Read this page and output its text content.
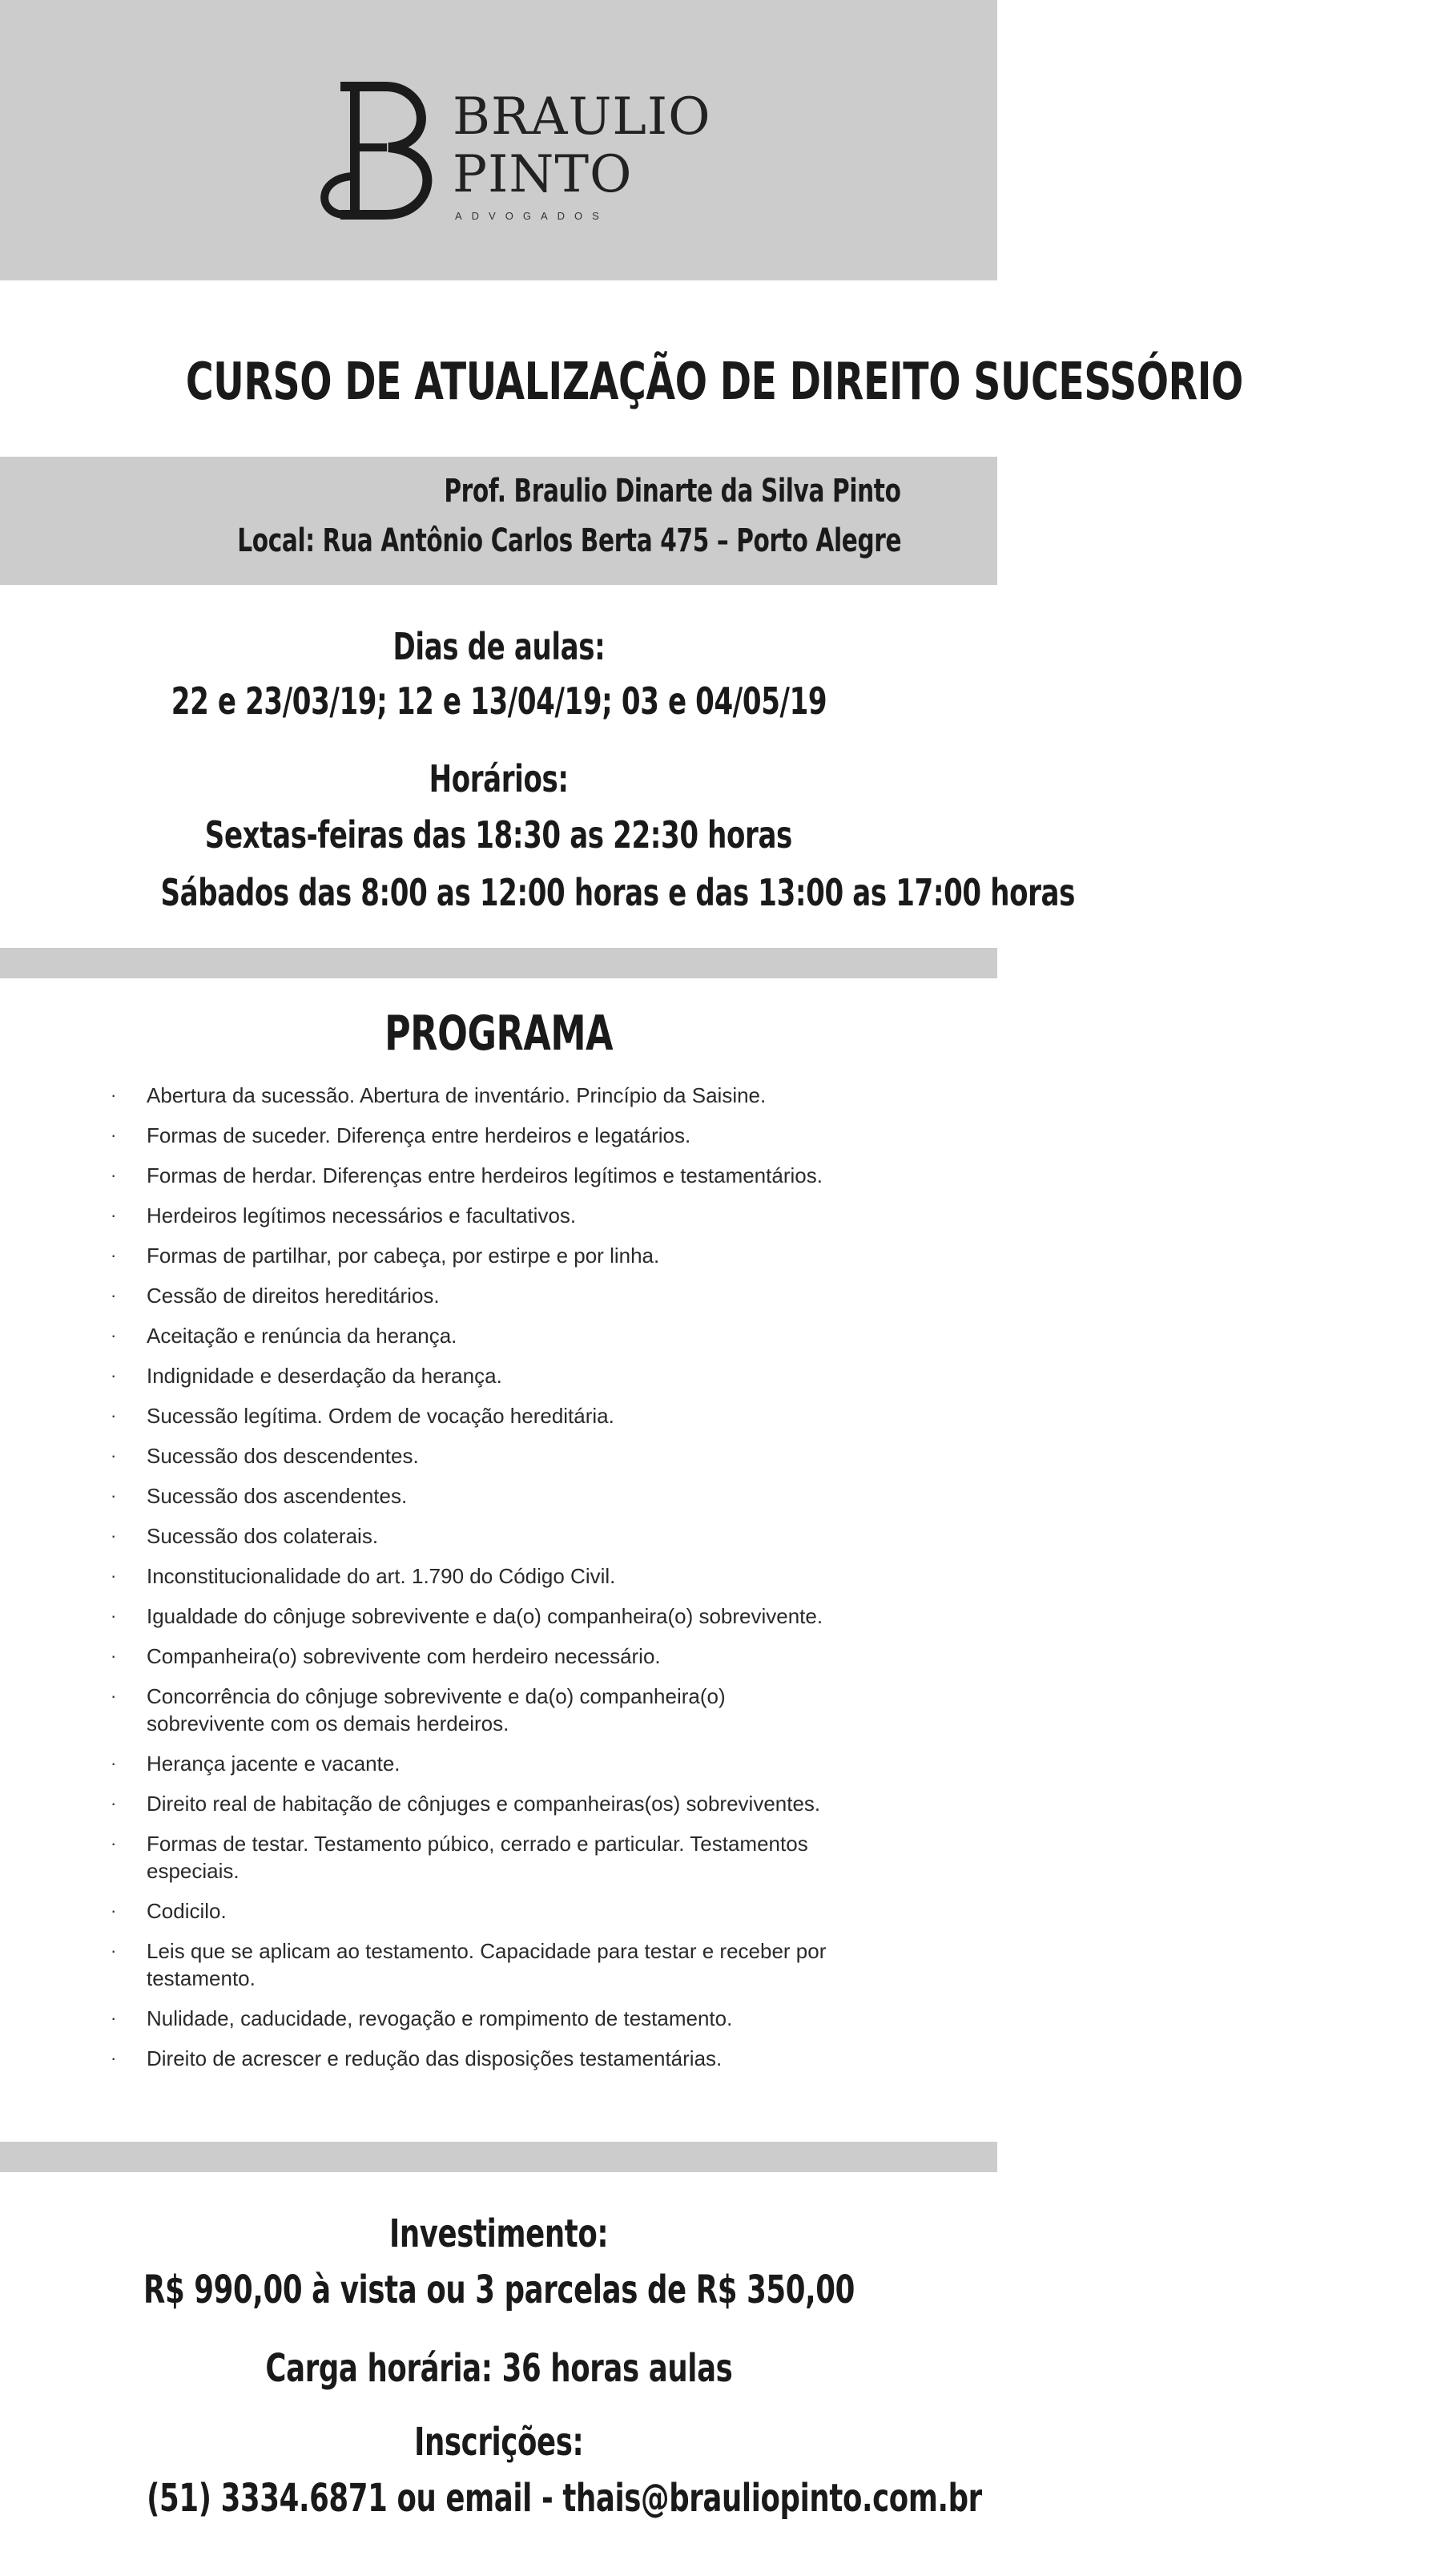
BRAULIO
PINTO
ADVOGADOS
CURSO DE ATUALIZAÇÃO DE DIREITO SUCESSÓRIO
Prof. Braulio Dinarte da Silva Pinto
Local: Rua Antônio Carlos Berta 475 – Porto Alegre
Dias de aulas:
22 e 23/03/19; 12 e 13/04/19; 03 e 04/05/19
Horários:
Sextas-feiras das 18:30 as 22:30 horas
Sábados das 8:00 as 12:00 horas e das 13:00 as 17:00 horas
PROGRAMA
· Abertura da sucessão. Abertura de inventário. Princípio da Saisine.
· Formas de suceder. Diferença entre herdeiros e legatários.
· Formas de herdar. Diferenças entre herdeiros legítimos e testamentários.
· Herdeiros legítimos necessários e facultativos.
· Formas de partilhar, por cabeça, por estirpe e por linha.
· Cessão de direitos hereditários.
· Aceitação e renúncia da herança.
· Indignidade e deserdação da herança.
· Sucessão legítima. Ordem de vocação hereditária.
· Sucessão dos descendentes.
· Sucessão dos ascendentes.
· Sucessão dos colaterais.
· Inconstitucionalidade do art. 1.790 do Código Civil.
· Igualdade do cônjuge sobrevivente e da(o) companheira(o) sobrevivente.
· Companheira(o) sobrevivente com herdeiro necessário.
· Concorrência do cônjuge sobrevivente e da(o) companheira(o) sobrevivente com os demais herdeiros.
· Herança jacente e vacante.
· Direito real de habitação de cônjuges e companheiras(os) sobreviventes.
· Formas de testar. Testamento púbico, cerrado e particular. Testamentos especiais.
· Codicilo.
· Leis que se aplicam ao testamento. Capacidade para testar e receber por testamento.
· Nulidade, caducidade, revogação e rompimento de testamento.
· Direito de acrescer e redução das disposições testamentárias.
Investimento:
R$ 990,00 à vista ou 3 parcelas de R$ 350,00
Carga horária: 36 horas aulas
Inscrições:
(51) 3334.6871 ou email - thais@brauliopinto.com.br
